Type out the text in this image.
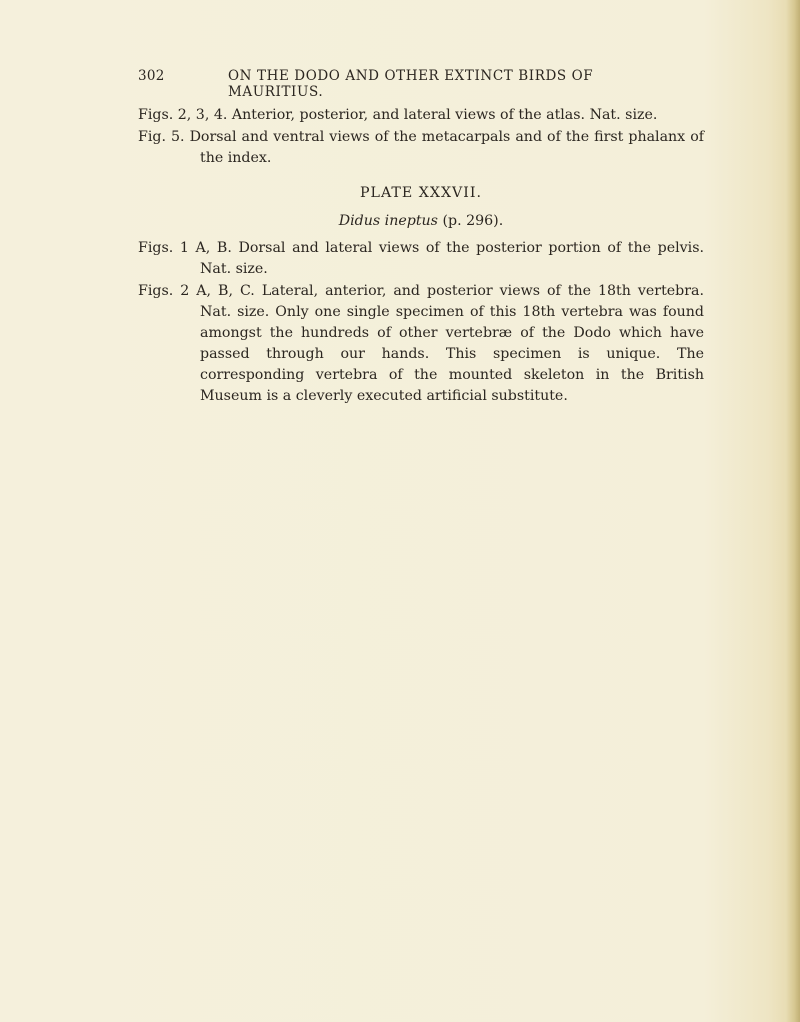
302	ON THE DODO AND OTHER EXTINCT BIRDS OF MAURITIUS.

Figs. 2, 3, 4. Anterior, posterior, and lateral views of the atlas. Nat. size.

Fig. 5. Dorsal and ventral views of the metacarpals and of the first phalanx of the index.

PLATE XXXVII.
Didus ineptus (p. 296).

Figs. 1 A, B. Dorsal and lateral views of the posterior portion of the pelvis. Nat. size.

Figs. 2 A, B, C. Lateral, anterior, and posterior views of the 18th vertebra. Nat. size. Only one single specimen of this 18th vertebra was found amongst the hundreds of other vertebræ of the Dodo which have passed through our hands. This specimen is unique. The corresponding vertebra of the mounted skeleton in the British Museum is a cleverly executed artificial substitute.
